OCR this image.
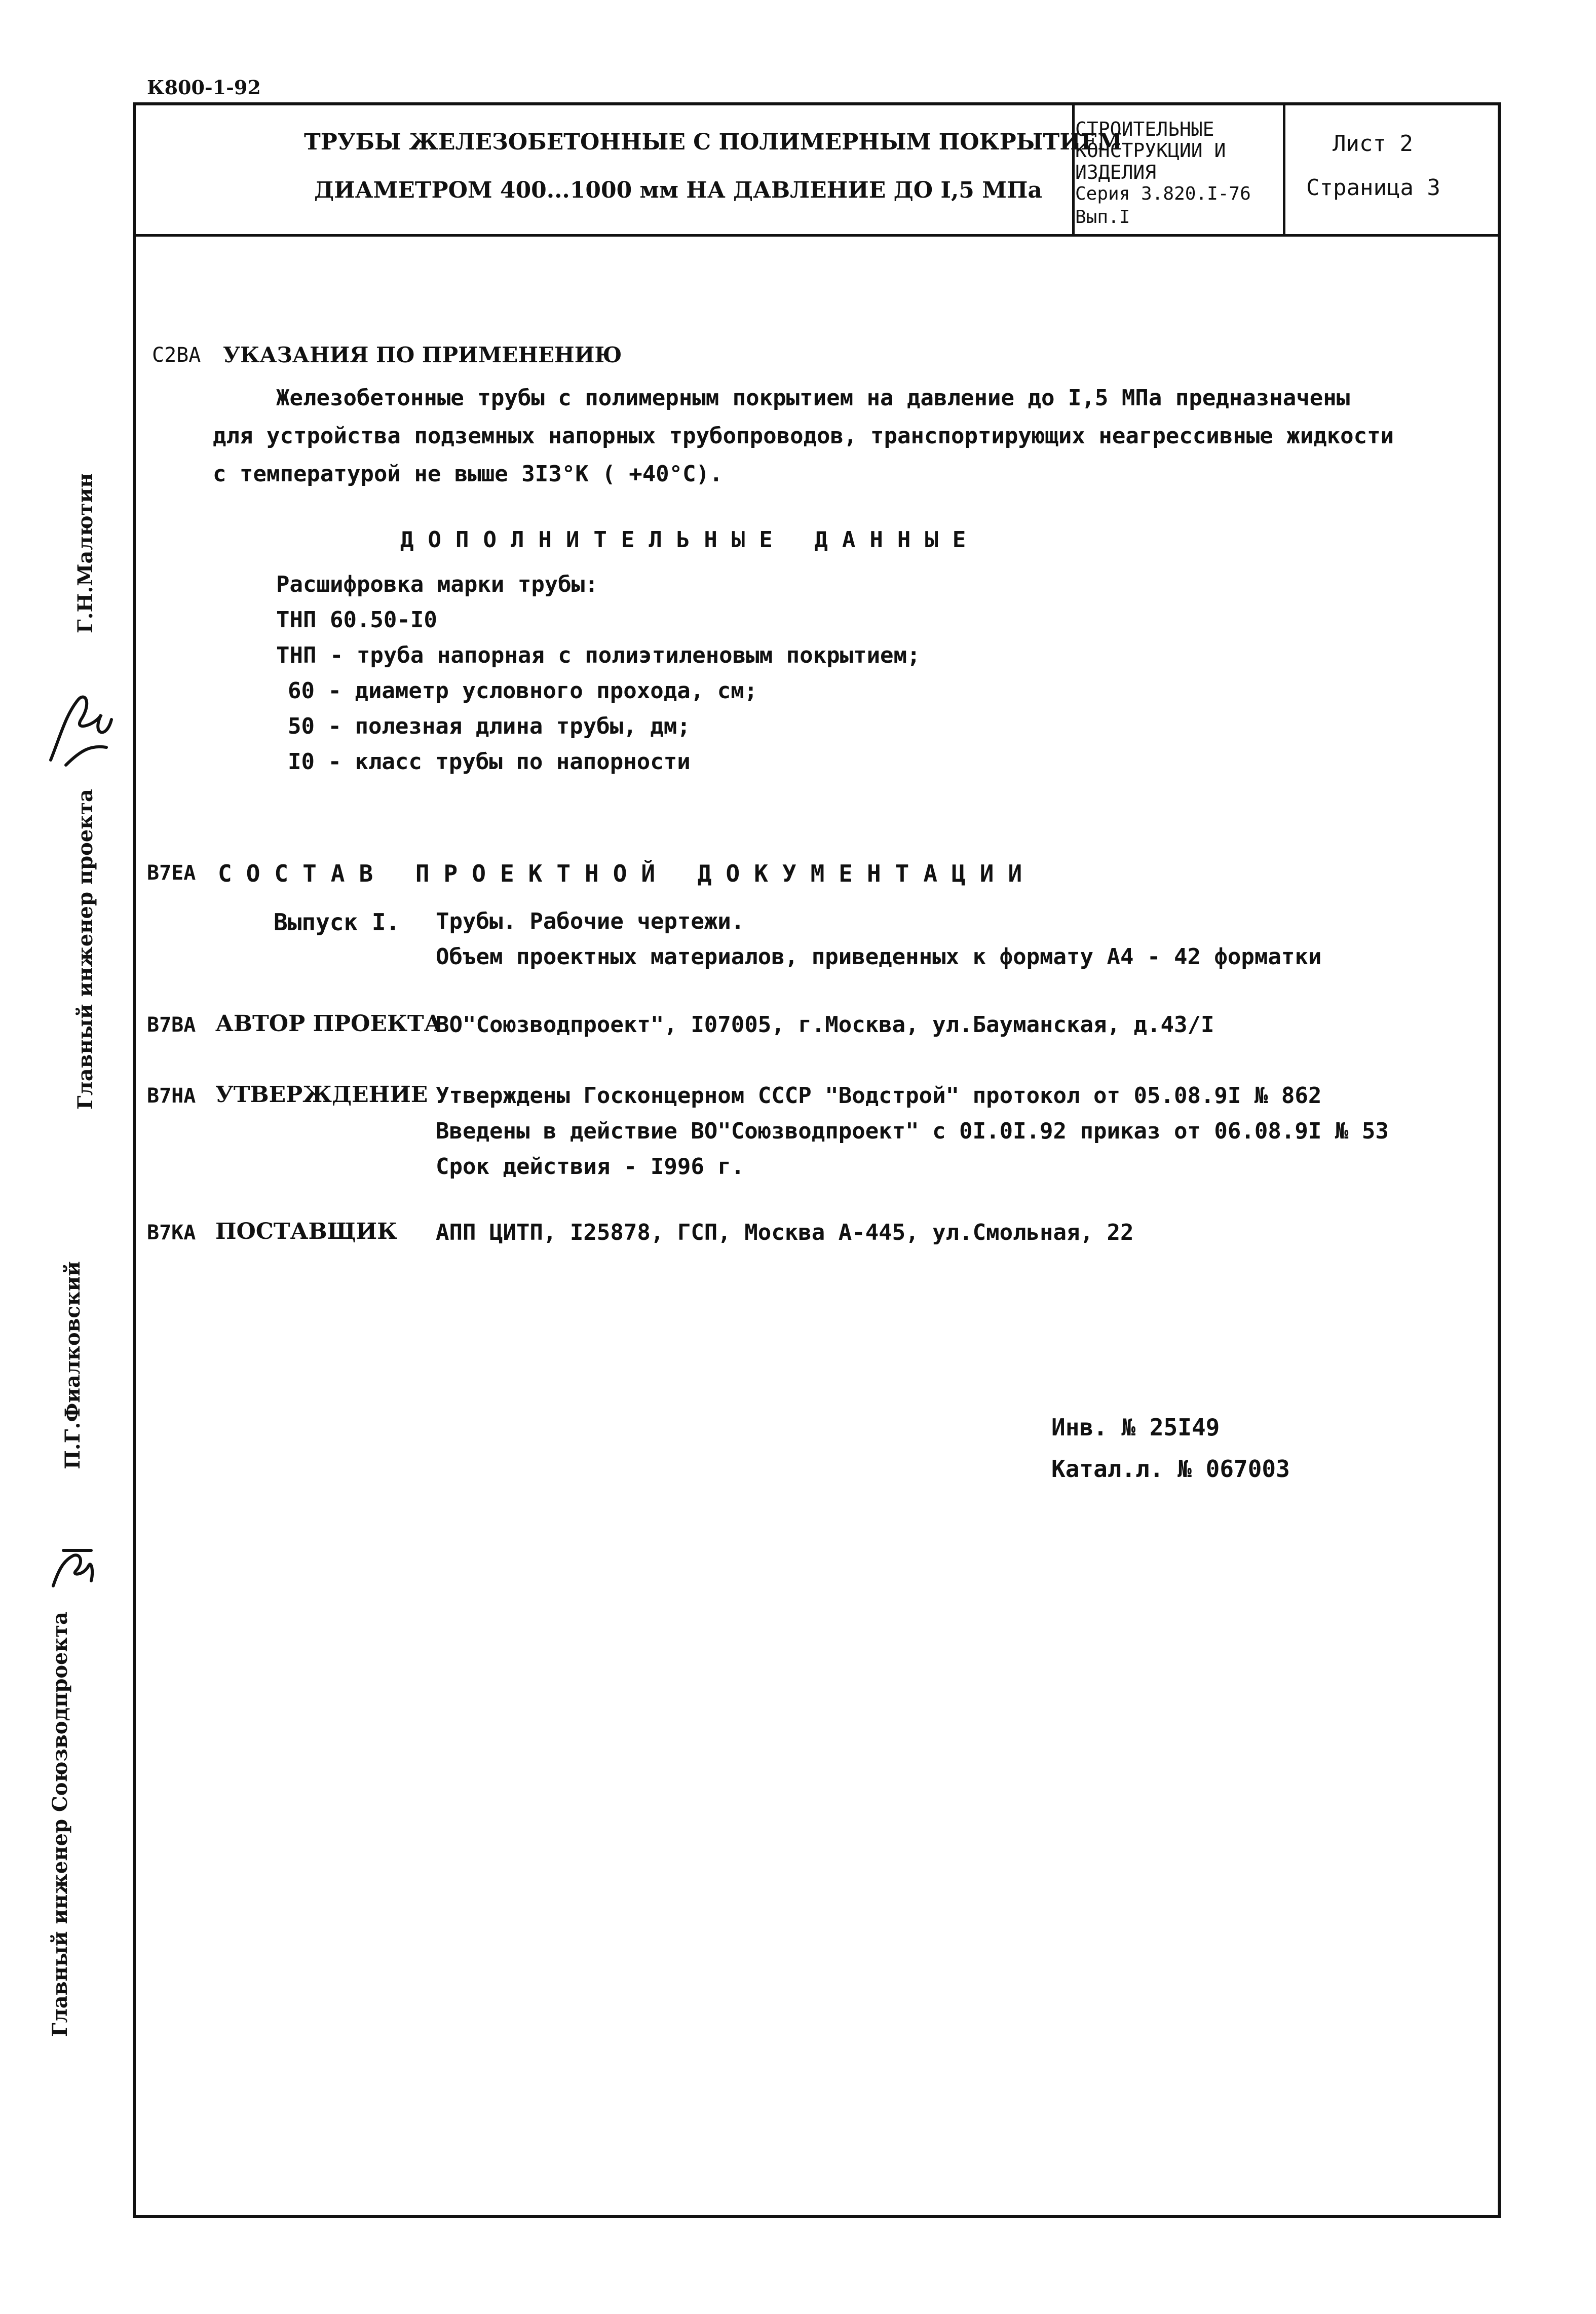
К800-1-92
ТРУБЫ ЖЕЛЕЗОБЕТОННЫЕ С ПОЛИМЕРНЫМ ПОКРЫТИЕМ
ДИАМЕТРОМ 400...1000 мм НА ДАВЛЕНИЕ ДО I,5 МПа
СТРОИТЕЛЬНЫЕ
КОНСТРУКЦИИ И
ИЗДЕЛИЯ
Серия 3.820.I-76
Вып.I
Лист 2
Страница 3
C2ВА УКАЗАНИЯ ПО ПРИМЕНЕНИЮ
Железобетонные трубы с полимерным покрытием на давление до I,5 МПа предназначены
для устройства подземных напорных трубопроводов, транспортирующих неагрессивные жидкости
с температурой не выше 3I3°К ( +40°С).
ДОПОЛНИТЕЛЬНЫЕ ДАННЫЕ
Расшифровка марки трубы:
ТНП 60.50-I0
ТНП - труба напорная с полиэтиленовым покрытием;
60 - диаметр условного прохода, см;
50 - полезная длина трубы, дм;
I0 - класс трубы по напорности
В7ЕА СОСТАВ ПРОЕКТНОЙ ДОКУМЕНТАЦИИ
Выпуск I. Трубы. Рабочие чертежи.
Объем проектных материалов, приведенных к формату А4 - 42 форматки
В7ВА АВТОР ПРОЕКТА
ВО"Союзводпроект", I07005, г.Москва, ул.Бауманская, д.43/I
В7НА УТВЕРЖДЕНИЕ Утверждены Госконцерном СССР "Водстрой" протокол от 05.08.9I № 862
Введены в действие ВО"Союзводпроект" с 0I.0I.92 приказ от 06.08.9I № 53
Срок действия - I996 г.
В7КА ПОСТАВЩИК АПП ЦИТП, I25878, ГСП, Москва А-445, ул.Смольная, 22
Инв. № 25I49
Катал.л. № 067003
Главный инженер проекта
Г.Н.Малютин
Главный инженер Союзводпроекта
П.Г.Фиалковский
